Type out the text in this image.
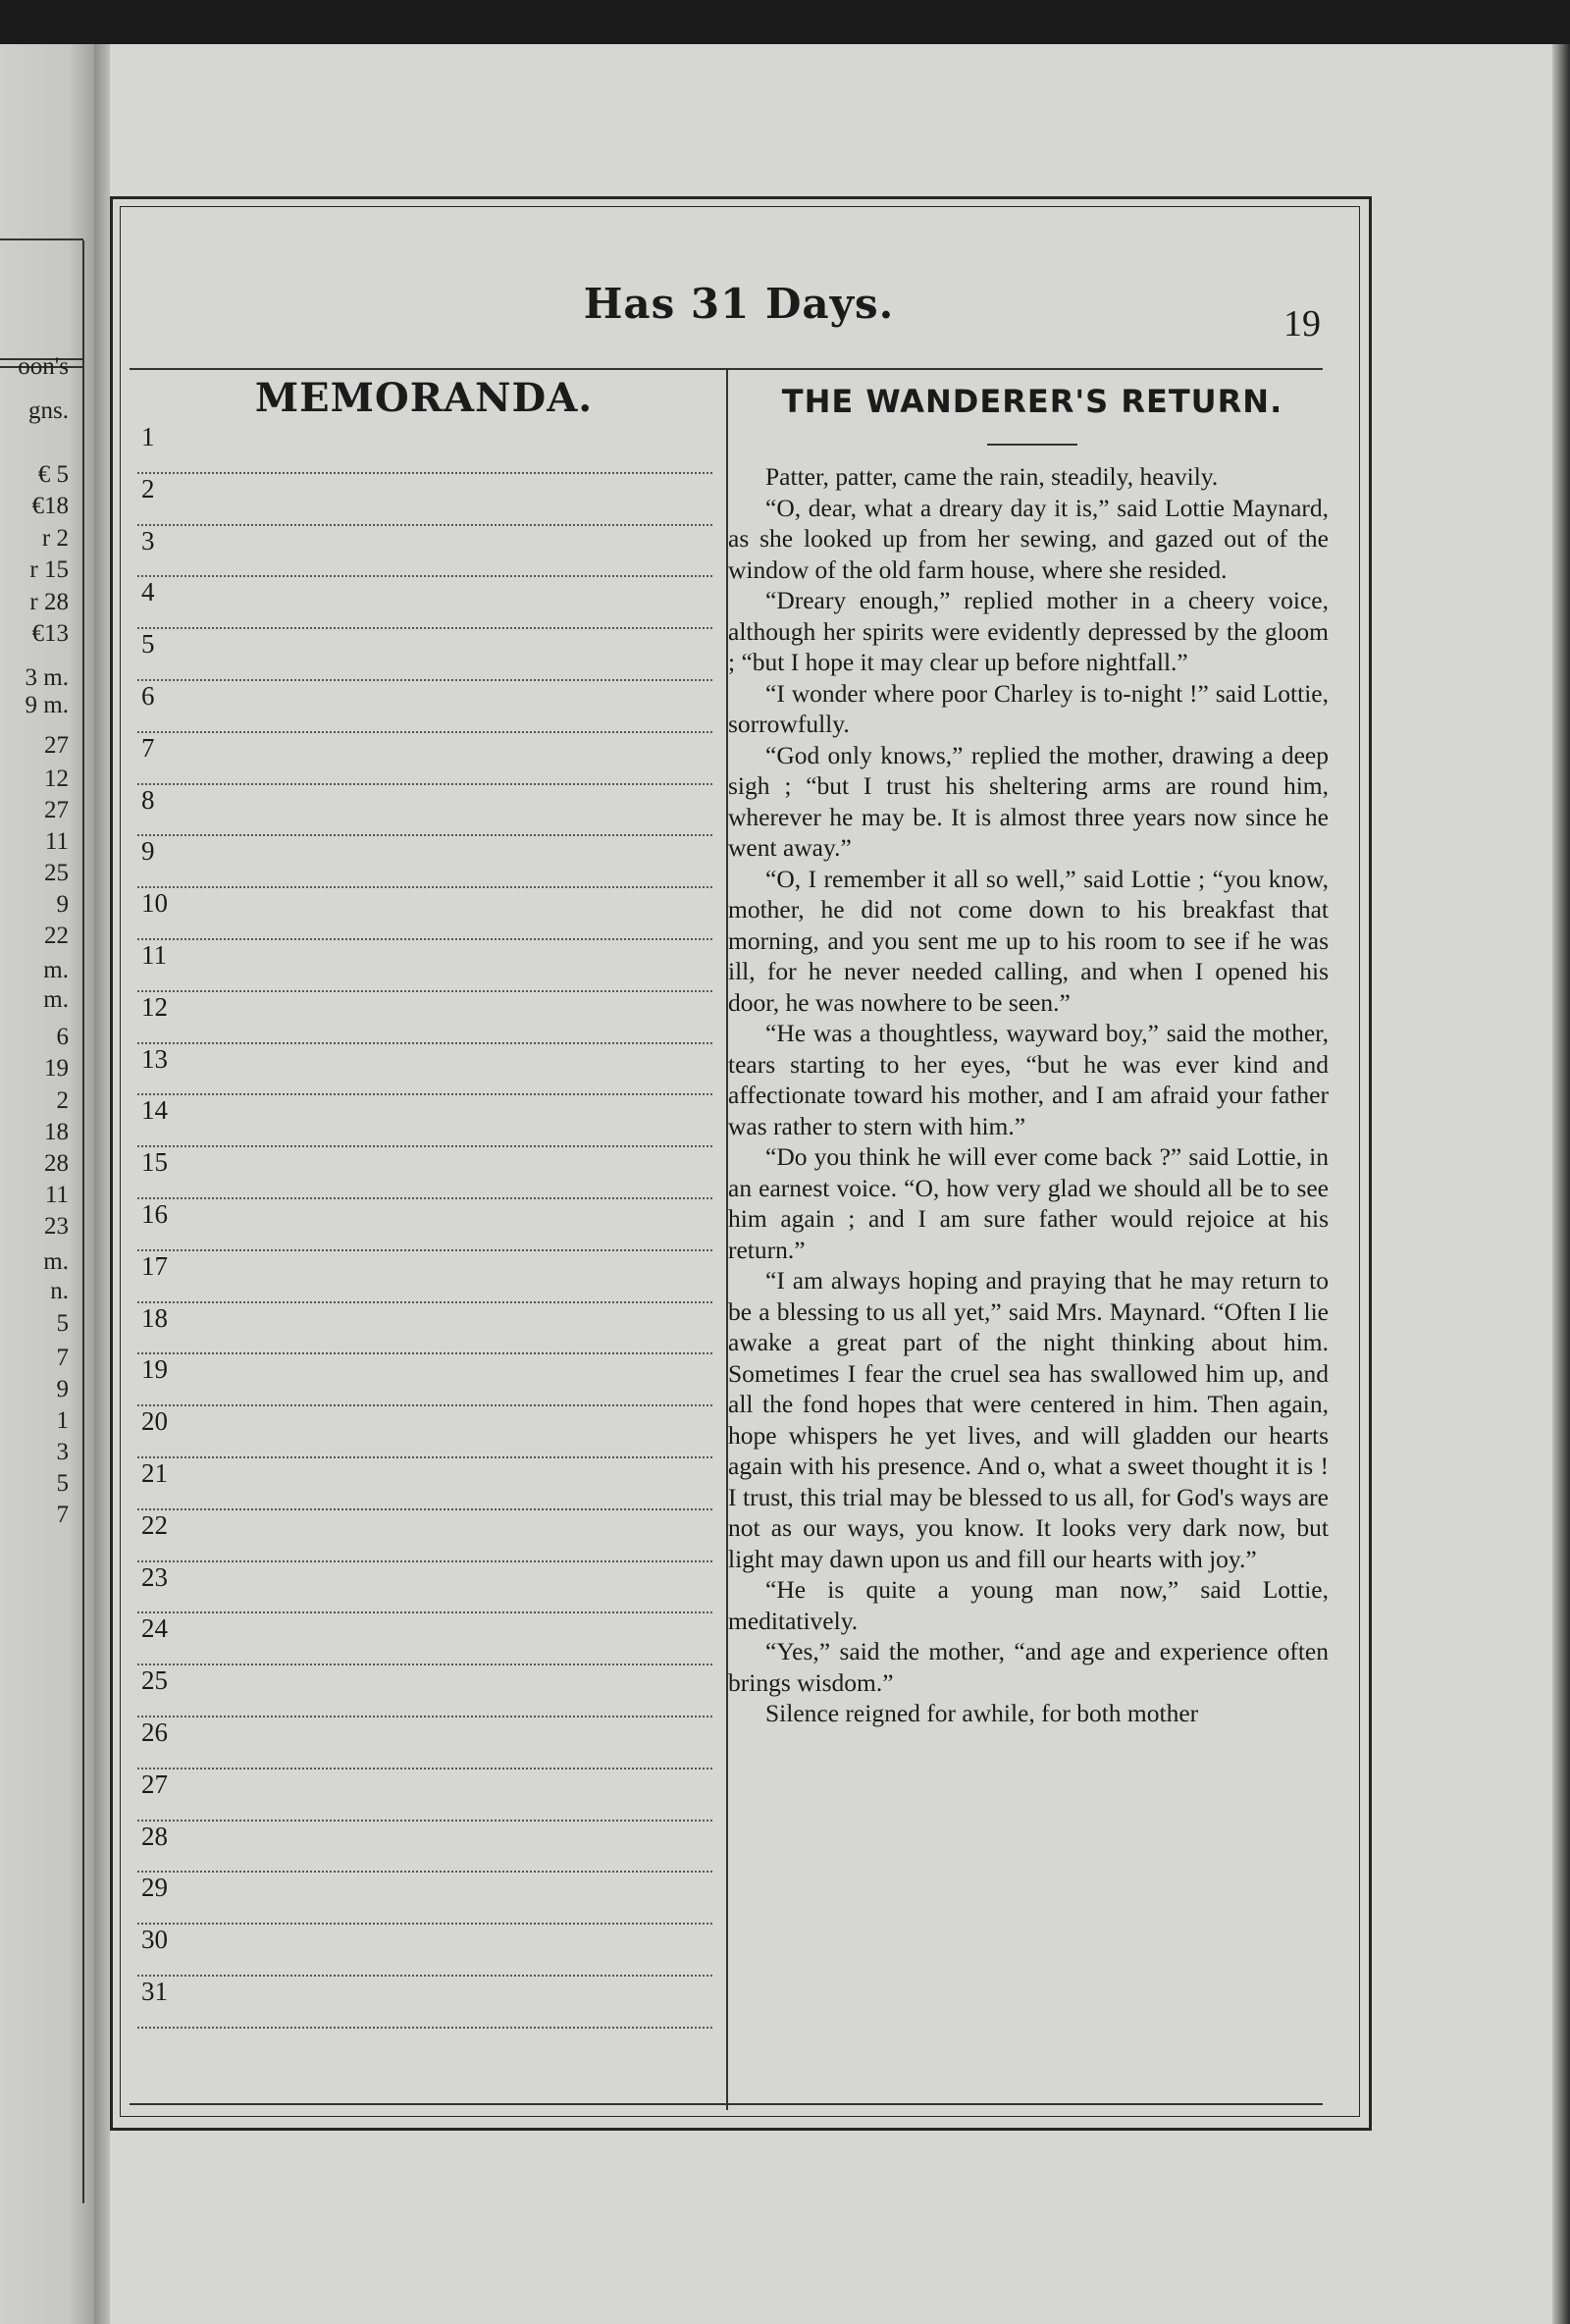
oon's
gns.
€ 5
€18
r 2
r 15
r 28
€13
3 m.
9 m.
27
12
27
11
25
9
22
m.
m.
6
19
2
18
28
11
23
m.
n.
5
7
9
1
3
5
7
Has 31 Days.	19
MEMORANDA.
1
2
3
4
5
6
7
8
9
10
11
12
13
14
15
16
17
18
19
20
21
22
23
24
25
26
27
28
29
30
31
THE WANDERER'S RETURN.

Patter, patter, came the rain, steadily, heavily.

“O, dear, what a dreary day it is,” said Lottie Maynard, as she looked up from her sewing, and gazed out of the window of the old farm house, where she resided.

“Dreary enough,” replied mother in a cheery voice, although her spirits were evidently depressed by the gloom ; “but I hope it may clear up before nightfall.”

“I wonder where poor Charley is to-night !” said Lottie, sorrowfully.

“God only knows,” replied the mother, drawing a deep sigh ; “but I trust his sheltering arms are round him, wherever he may be. It is almost three years now since he went away.”

“O, I remember it all so well,” said Lottie ; “you know, mother, he did not come down to his breakfast that morning, and you sent me up to his room to see if he was ill, for he never needed calling, and when I opened his door, he was nowhere to be seen.”

“He was a thoughtless, wayward boy,” said the mother, tears starting to her eyes, “but he was ever kind and affectionate toward his mother, and I am afraid your father was rather to stern with him.”

“Do you think he will ever come back ?” said Lottie, in an earnest voice. “O, how very glad we should all be to see him again ; and I am sure father would rejoice at his return.”

“I am always hoping and praying that he may return to be a blessing to us all yet,” said Mrs. Maynard. “Often I lie awake a great part of the night thinking about him. Sometimes I fear the cruel sea has swallowed him up, and all the fond hopes that were centered in him. Then again, hope whispers he yet lives, and will gladden our hearts again with his presence. And o, what a sweet thought it is ! I trust, this trial may be blessed to us all, for God's ways are not as our ways, you know. It looks very dark now, but light may dawn upon us and fill our hearts with joy.”

“He is quite a young man now,” said Lottie, meditatively.

“Yes,” said the mother, “and age and experience often brings wisdom.”

Silence reigned for awhile, for both mother
